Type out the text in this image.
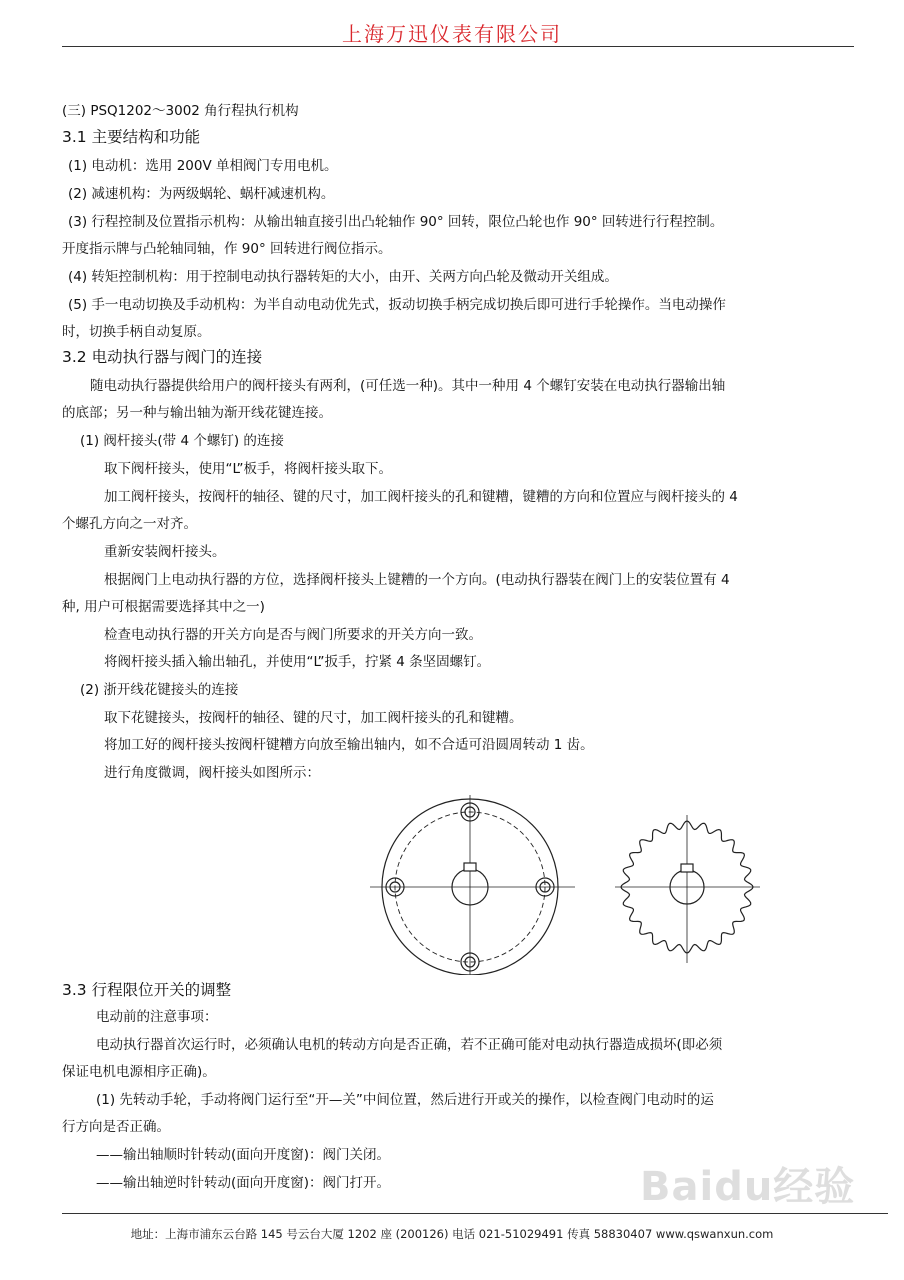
上海万迅仪表有限公司
(三) PSQ1202～3002 角行程执行机构
3.1 主要结构和功能
(1) 电动机：选用 200V 单相阀门专用电机。
(2) 减速机构：为两级蜗轮、蜗杆减速机构。
(3) 行程控制及位置指示机构：从输出轴直接引出凸轮轴作 90° 回转，限位凸轮也作 90° 回转进行行程控制。
开度指示牌与凸轮轴同轴，作 90° 回转进行阀位指示。
(4) 转矩控制机构：用于控制电动执行器转矩的大小，由开、关两方向凸轮及微动开关组成。
(5) 手一电动切换及手动机构：为半自动电动优先式，扳动切换手柄完成切换后即可进行手轮操作。当电动操作
时，切换手柄自动复原。
3.2 电动执行器与阀门的连接
随电动执行器提供给用户的阀杆接头有两利，(可任选一种)。其中一种用 4 个螺钉安装在电动执行器输出轴
的底部；另一种与输出轴为渐开线花键连接。
(1) 阀杆接头(带 4 个螺钉) 的连接
取下阀杆接头，使用“L”板手，将阀杆接头取下。
加工阀杆接头，按阀杆的轴径、键的尺寸，加工阀杆接头的孔和键糟，键糟的方向和位置应与阀杆接头的 4
个螺孔方向之一对齐。
重新安装阀杆接头。
根据阀门上电动执行器的方位，选择阀杆接头上键糟的一个方向。(电动执行器装在阀门上的安装位置有 4
种, 用户可根据需要选择其中之一)
检查电动执行器的开关方向是否与阀门所要求的开关方向一致。
将阀杆接头插入输出轴孔，并使用“L”扳手，拧紧 4 条坚固螺钉。
(2) 浙开线花键接头的连接
取下花键接头，按阀杆的轴径、键的尺寸，加工阀杆接头的孔和键糟。
将加工好的阀杆接头按阀杆键糟方向放至输出轴内，如不合适可沿圆周转动 1 齿。
进行角度微调，阀杆接头如图所示：
3.3 行程限位开关的调整
电动前的注意事项：
电动执行器首次运行时，必须确认电机的转动方向是否正确，若不正确可能对电动执行器造成损坏(即必须
保证电机电源相序正确)。
(1) 先转动手轮，手动将阀门运行至“开—关”中间位置，然后进行开或关的操作，以检查阀门电动时的运
行方向是否正确。
——输出轴顺时针转动(面向开度窗)：阀门关闭。
——输出轴逆时针转动(面向开度窗)：阀门打开。	Baidu经验
地址：上海市浦东云台路 145 号云台大厦 1202 座 (200126) 电话 021-51029491 传真 58830407 www.qswanxun.com
